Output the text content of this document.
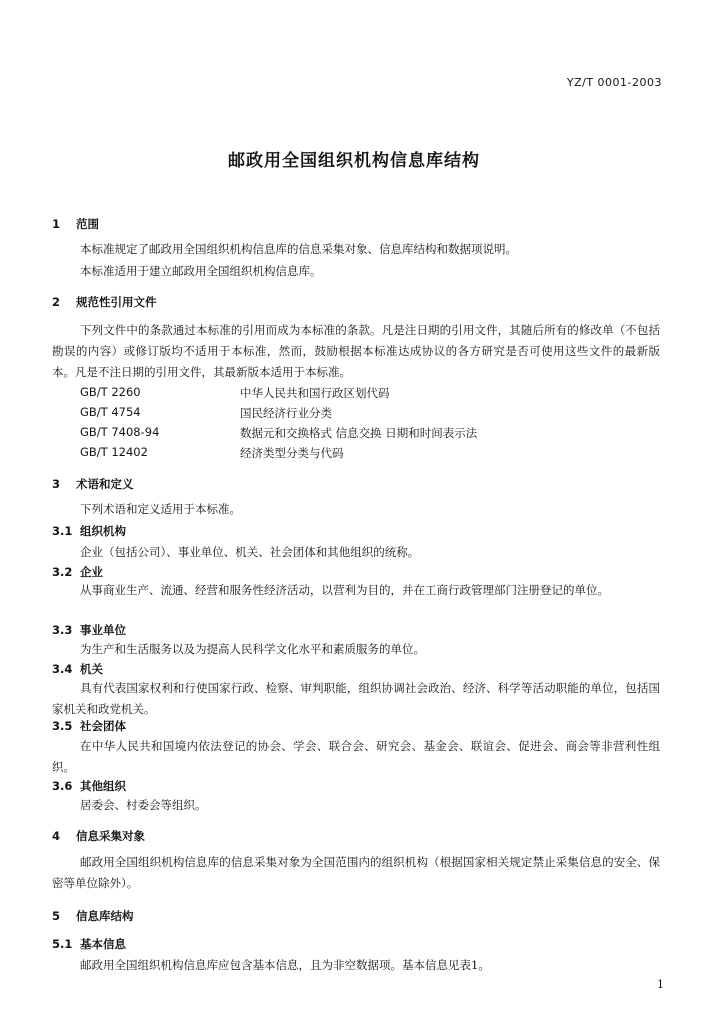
YZ/T 0001-2003
邮政用全国组织机构信息库结构
1 范围
本标准规定了邮政用全国组织机构信息库的信息采集对象、信息库结构和数据项说明。
本标准适用于建立邮政用全国组织机构信息库。
2 规范性引用文件
下列文件中的条款通过本标准的引用而成为本标准的条款。凡是注日期的引用文件，其随后所有的修改单（不包括勘误的内容）或修订版均不适用于本标准，然而，鼓励根据本标准达成协议的各方研究是否可使用这些文件的最新版本。凡是不注日期的引用文件，其最新版本适用于本标准。
GB/T 2260	中华人民共和国行政区划代码
GB/T 4754	国民经济行业分类
GB/T 7408-94	数据元和交换格式 信息交换 日期和时间表示法
GB/T 12402	经济类型分类与代码
3 术语和定义
下列术语和定义适用于本标准。
3.1 组织机构
企业（包括公司）、事业单位、机关、社会团体和其他组织的统称。
3.2 企业
从事商业生产、流通、经营和服务性经济活动，以营利为目的，并在工商行政管理部门注册登记的单位。
3.3 事业单位
为生产和生活服务以及为提高人民科学文化水平和素质服务的单位。
3.4 机关
具有代表国家权利和行使国家行政、检察、审判职能，组织协调社会政治、经济、科学等活动职能的单位，包括国家机关和政党机关。
3.5 社会团体
在中华人民共和国境内依法登记的协会、学会、联合会、研究会、基金会、联谊会、促进会、商会等非营利性组织。
3.6 其他组织
居委会、村委会等组织。
4 信息采集对象
邮政用全国组织机构信息库的信息采集对象为全国范围内的组织机构（根据国家相关规定禁止采集信息的安全、保密等单位除外）。
5 信息库结构
5.1 基本信息
邮政用全国组织机构信息库应包含基本信息，且为非空数据项。基本信息见表1。
1
